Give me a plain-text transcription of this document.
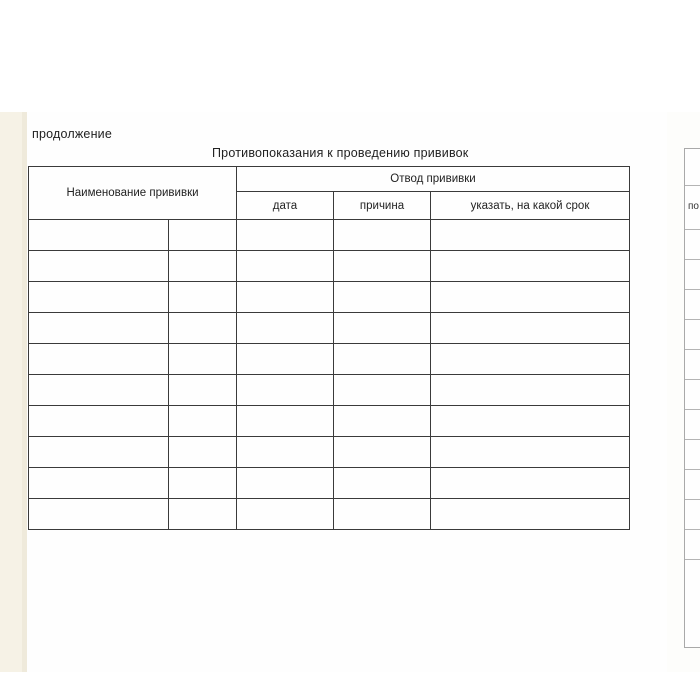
продолжение
Противопоказания к проведению прививок
Наименование прививки		Отвод прививки		
		дата	причина	указать, на какой срок

					по
